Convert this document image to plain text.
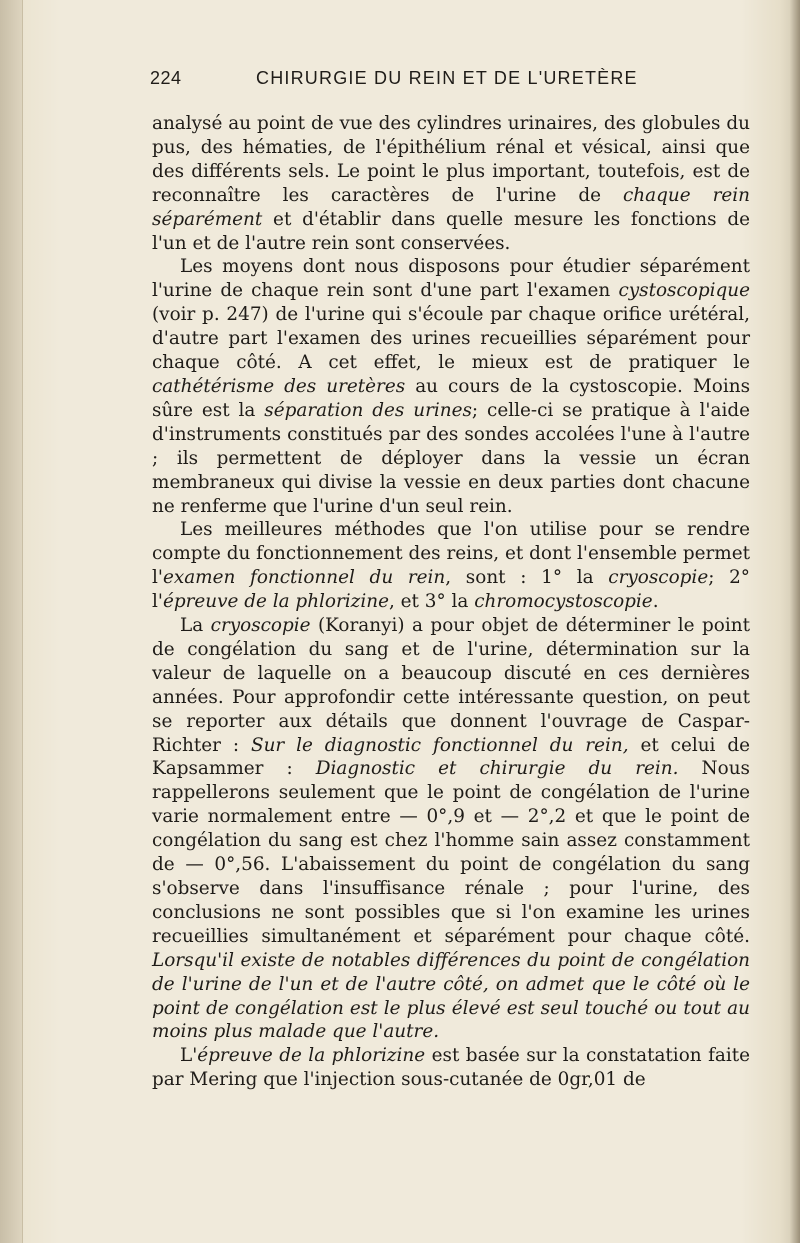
224	CHIRURGIE DU REIN ET DE L'URETÈRE

analysé au point de vue des cylindres urinaires, des globules du pus, des hématies, de l'épithélium rénal et vésical, ainsi que des différents sels. Le point le plus important, toutefois, est de reconnaître les caractères de l'urine de chaque rein séparément et d'établir dans quelle mesure les fonctions de l'un et de l'autre rein sont conservées.

Les moyens dont nous disposons pour étudier séparément l'urine de chaque rein sont d'une part l'examen cystoscopique (voir p. 247) de l'urine qui s'écoule par chaque orifice urétéral, d'autre part l'examen des urines recueillies séparément pour chaque côté. A cet effet, le mieux est de pratiquer le cathétérisme des uretères au cours de la cystoscopie. Moins sûre est la séparation des urines; celle-ci se pratique à l'aide d'instruments constitués par des sondes accolées l'une à l'autre ; ils permettent de déployer dans la vessie un écran membraneux qui divise la vessie en deux parties dont chacune ne renferme que l'urine d'un seul rein.

Les meilleures méthodes que l'on utilise pour se rendre compte du fonctionnement des reins, et dont l'ensemble permet l'examen fonctionnel du rein, sont : 1° la cryoscopie; 2° l'épreuve de la phlorizine, et 3° la chromocystoscopie.

La cryoscopie (Koranyi) a pour objet de déterminer le point de congélation du sang et de l'urine, détermination sur la valeur de laquelle on a beaucoup discuté en ces dernières années. Pour approfondir cette intéressante question, on peut se reporter aux détails que donnent l'ouvrage de Caspar-Richter : Sur le diagnostic fonctionnel du rein, et celui de Kapsammer : Diagnostic et chirurgie du rein. Nous rappellerons seulement que le point de congélation de l'urine varie normalement entre — 0°,9 et — 2°,2 et que le point de congélation du sang est chez l'homme sain assez constamment de — 0°,56. L'abaissement du point de congélation du sang s'observe dans l'insuffisance rénale ; pour l'urine, des conclusions ne sont possibles que si l'on examine les urines recueillies simultanément et séparément pour chaque côté. Lorsqu'il existe de notables différences du point de congélation de l'urine de l'un et de l'autre côté, on admet que le côté où le point de congélation est le plus élevé est seul touché ou tout au moins plus malade que l'autre.

L'épreuve de la phlorizine est basée sur la constatation faite par Mering que l'injection sous-cutanée de 0gr,01 de
